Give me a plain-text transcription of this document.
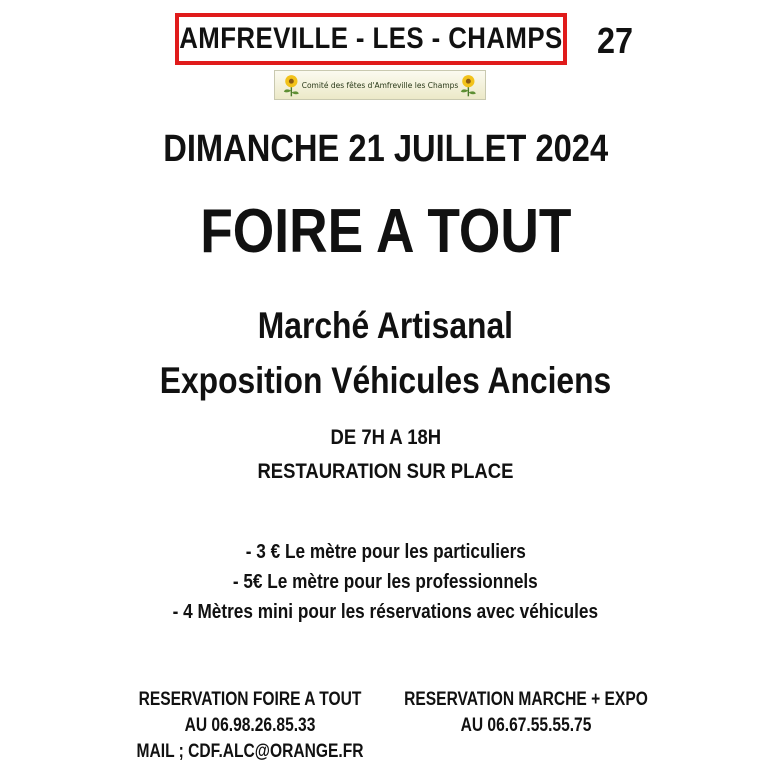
AMFREVILLE - LES - CHAMPS 27
Comité des fêtes d'Amfreville les Champs
DIMANCHE 21 JUILLET 2024
FOIRE A TOUT
Marché Artisanal
Exposition Véhicules Anciens
DE 7H A 18H
RESTAURATION SUR PLACE
- 3 € Le mètre pour les particuliers
- 5€ Le mètre pour les professionnels
- 4 Mètres mini pour les réservations avec véhicules
RESERVATION FOIRE A TOUT
AU 06.98.26.85.33
MAIL ; CDF.ALC@ORANGE.FR
RESERVATION MARCHE + EXPO
AU 06.67.55.55.75
